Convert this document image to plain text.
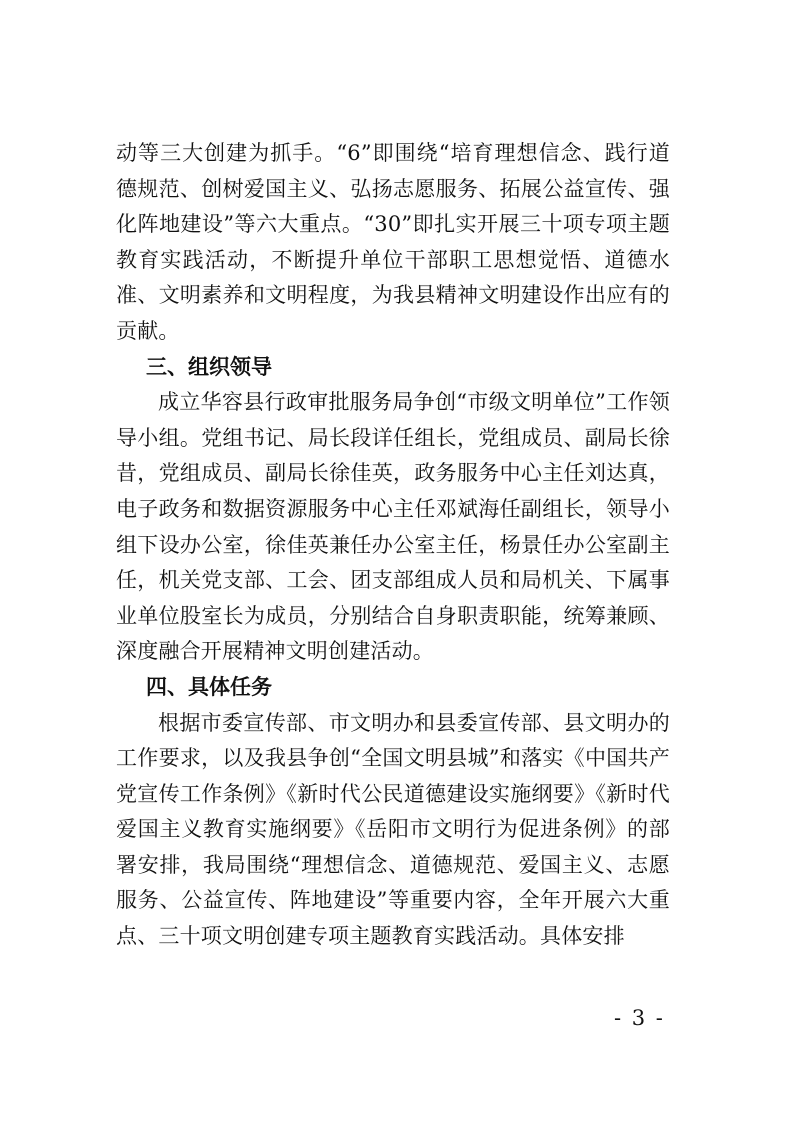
动等三大创建为抓手。“6”即围绕“培育理想信念、践行道德规范、创树爱国主义、弘扬志愿服务、拓展公益宣传、强化阵地建设”等六大重点。“30”即扎实开展三十项专项主题教育实践活动，不断提升单位干部职工思想觉悟、道德水准、文明素养和文明程度，为我县精神文明建设作出应有的贡献。

三、组织领导

成立华容县行政审批服务局争创“市级文明单位”工作领导小组。党组书记、局长段详任组长，党组成员、副局长徐昔，党组成员、副局长徐佳英，政务服务中心主任刘达真，电子政务和数据资源服务中心主任邓斌海任副组长，领导小组下设办公室，徐佳英兼任办公室主任，杨景任办公室副主任，机关党支部、工会、团支部组成人员和局机关、下属事业单位股室长为成员，分别结合自身职责职能，统筹兼顾、深度融合开展精神文明创建活动。

四、具体任务

根据市委宣传部、市文明办和县委宣传部、县文明办的工作要求，以及我县争创“全国文明县城”和落实《中国共产党宣传工作条例》《新时代公民道德建设实施纲要》《新时代爱国主义教育实施纲要》《岳阳市文明行为促进条例》的部署安排，我局围绕“理想信念、道德规范、爱国主义、志愿服务、公益宣传、阵地建设”等重要内容，全年开展六大重点、三十项文明创建专项主题教育实践活动。具体安排

- 3 -
